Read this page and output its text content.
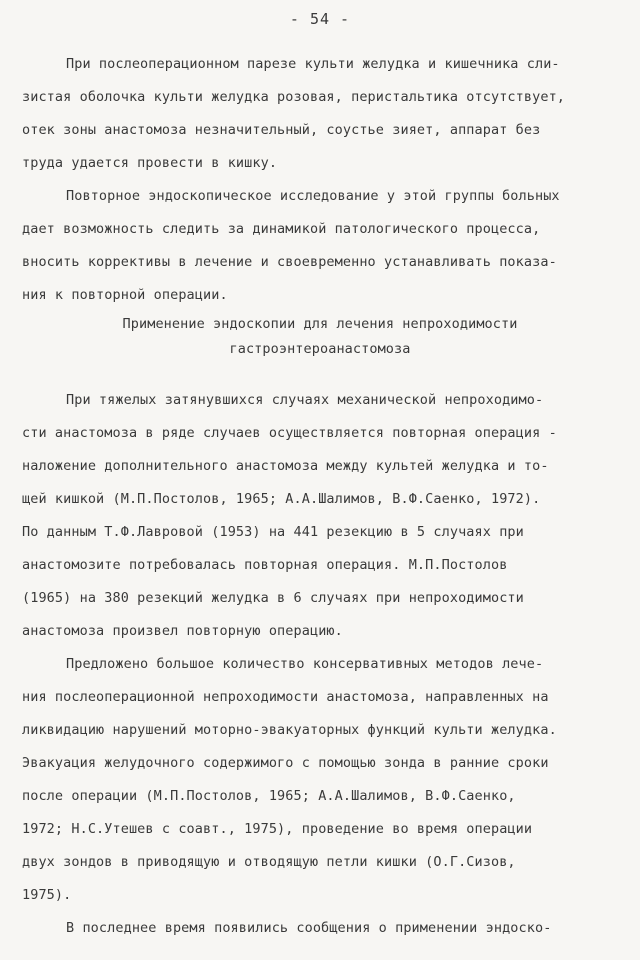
- 54 -
При послеоперационном парезе культи желудка и кишечника сли-
зистая оболочка культи желудка розовая, перистальтика отсутствует,
отек зоны анастомоза незначительный, соустье зияет, аппарат без
труда удается провести в кишку.
Повторное эндоскопическое исследование у этой группы больных
дает возможность следить за динамикой патологического процесса,
вносить коррективы в лечение и своевременно устанавливать показа-
ния к повторной операции.
Применение эндоскопии для лечения непроходимости
гастроэнтероанастомоза
При тяжелых затянувшихся случаях механической непроходимо-
сти анастомоза в ряде случаев осуществляется повторная операция -
наложение дополнительного анастомоза между культей желудка и то-
щей кишкой (М.П.Постолов, 1965; А.А.Шалимов, В.Ф.Саенко, 1972).
По данным Т.Ф.Лавровой (1953) на 441 резекцию в 5 случаях при
анастомозите потребовалась повторная операция. М.П.Постолов
(1965) на 380 резекций желудка в 6 случаях при непроходимости
анастомоза произвел повторную операцию.
Предложено большое количество консервативных методов лече-
ния послеоперационной непроходимости анастомоза, направленных на
ликвидацию нарушений моторно-эвакуаторных функций культи желудка.
Эвакуация желудочного содержимого с помощью зонда в ранние сроки
после операции (М.П.Постолов, 1965; А.А.Шалимов, В.Ф.Саенко,
1972; Н.С.Утешев с соавт., 1975), проведение во время операции
двух зондов в приводящую и отводящую петли кишки (О.Г.Сизов,
1975).
В последнее время появились сообщения о применении эндоско-
